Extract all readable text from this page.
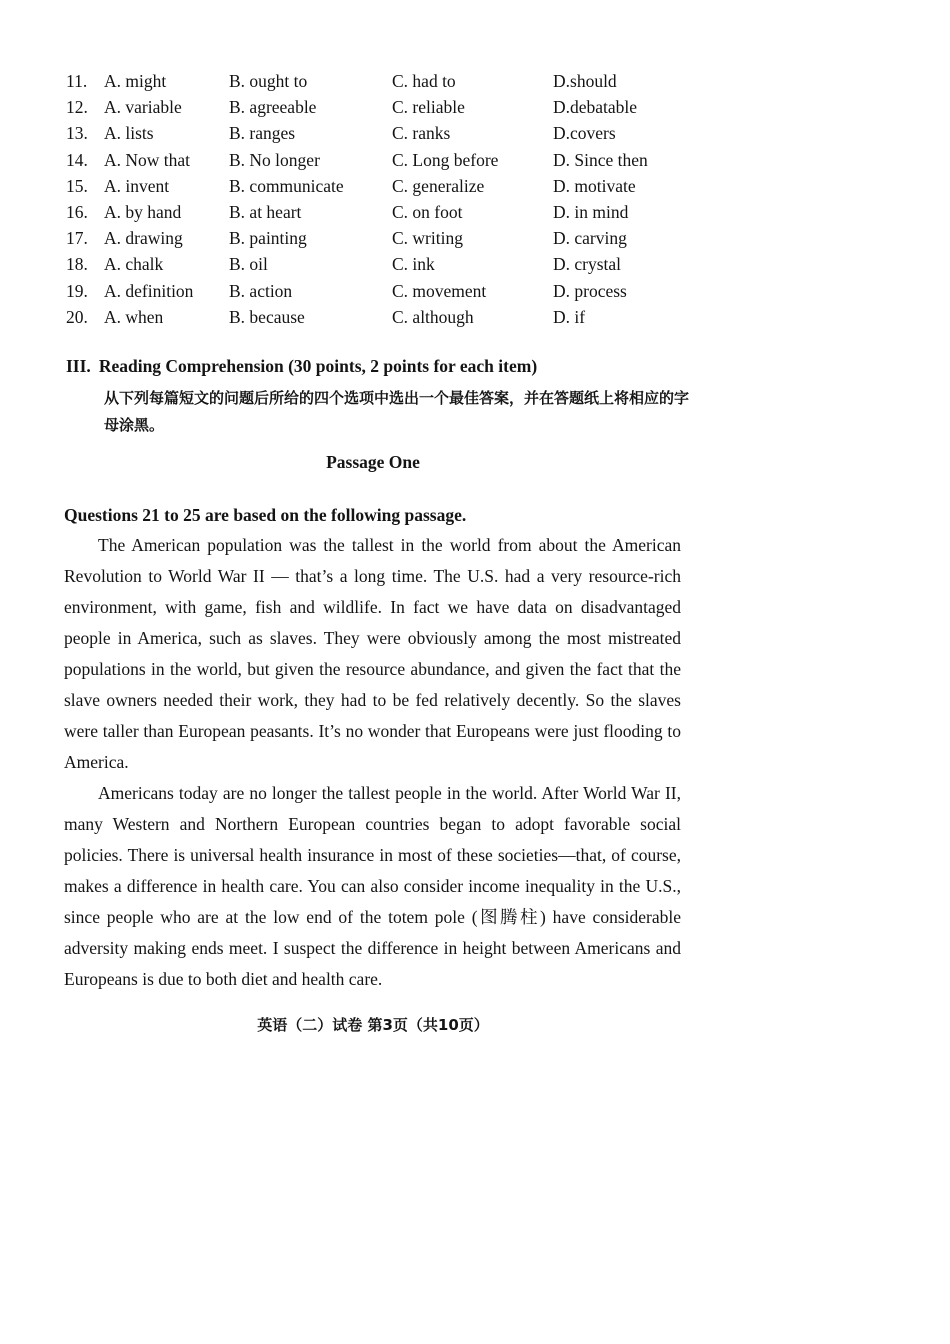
11. A. might	B. ought to	C. had to	D.should
12. A. variable	B. agreeable	C. reliable	D.debatable
13. A. lists	B. ranges	C. ranks	D.covers
14. A. Now that B. No longer	C. Long before	D. Since then
15. A. invent	B. communicate	C. generalize	D. motivate
16. A. by hand	B. at heart	C. on foot	D. in mind
17. A. drawing	B. painting	C. writing	D. carving
18. A. chalk	B. oil	C. ink	D. crystal
19. A. definition B. action	C. movement	D. process
20. A. when	B. because	C. although	D. if
III. Reading Comprehension (30 points, 2 points for each item)
从下列每篇短文的问题后所给的四个选项中选出一个最佳答案，并在答题纸上将相应的字母涂黑。
Passage One
Questions 21 to 25 are based on the following passage.

The American population was the tallest in the world from about the American Revolution to World War II — that’s a long time. The U.S. had a very resource-rich environment, with game, fish and wildlife. In fact we have data on disadvantaged people in America, such as slaves. They were obviously among the most mistreated populations in the world, but given the resource abundance, and given the fact that the slave owners needed their work, they had to be fed relatively decently. So the slaves were taller than European peasants. It’s no wonder that Europeans were just flooding to America.

Americans today are no longer the tallest people in the world. After World War II, many Western and Northern European countries began to adopt favorable social policies. There is universal health insurance in most of these societies—that, of course, makes a difference in health care. You can also consider income inequality in the U.S., since people who are at the low end of the totem pole (图腾柱) have considerable adversity making ends meet. I suspect the difference in height between Americans and Europeans is due to both diet and health care.

英语（二）试卷 第3页（共10页）
